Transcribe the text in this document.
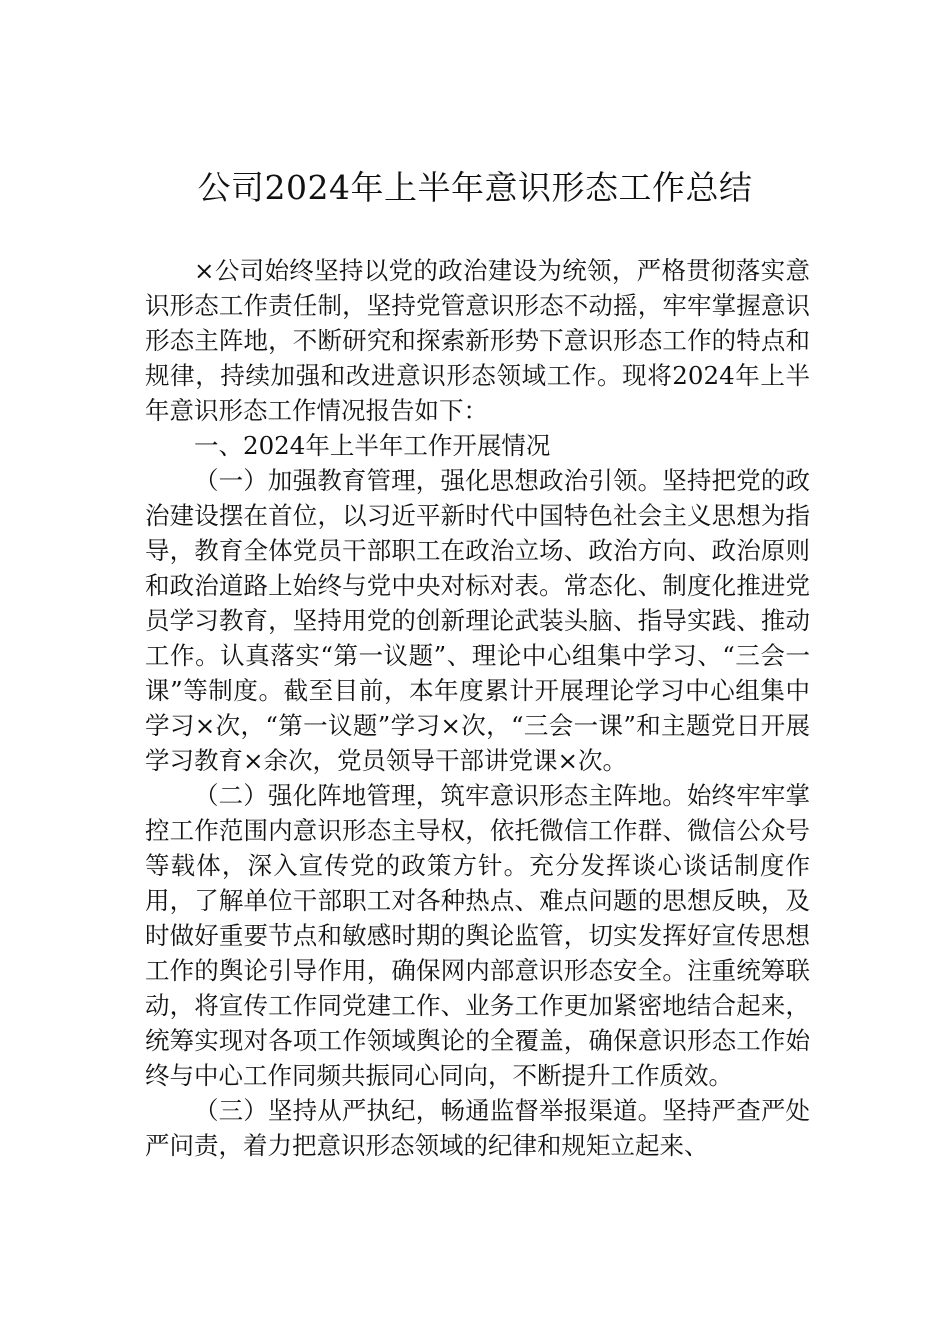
公司2024年上半年意识形态工作总结

×公司始终坚持以党的政治建设为统领，严格贯彻落实意识形态工作责任制，坚持党管意识形态不动摇，牢牢掌握意识形态主阵地，不断研究和探索新形势下意识形态工作的特点和规律，持续加强和改进意识形态领域工作。现将2024年上半年意识形态工作情况报告如下：

一、2024年上半年工作开展情况

（一）加强教育管理，强化思想政治引领。坚持把党的政治建设摆在首位，以习近平新时代中国特色社会主义思想为指导，教育全体党员干部职工在政治立场、政治方向、政治原则和政治道路上始终与党中央对标对表。常态化、制度化推进党员学习教育，坚持用党的创新理论武装头脑、指导实践、推动工作。认真落实“第一议题”、理论中心组集中学习、“三会一课”等制度。截至目前，本年度累计开展理论学习中心组集中学习×次，“第一议题”学习×次，“三会一课”和主题党日开展学习教育×余次，党员领导干部讲党课×次。

（二）强化阵地管理，筑牢意识形态主阵地。始终牢牢掌控工作范围内意识形态主导权，依托微信工作群、微信公众号等载体，深入宣传党的政策方针。充分发挥谈心谈话制度作用，了解单位干部职工对各种热点、难点问题的思想反映，及时做好重要节点和敏感时期的舆论监管，切实发挥好宣传思想工作的舆论引导作用，确保网内部意识形态安全。注重统筹联动，将宣传工作同党建工作、业务工作更加紧密地结合起来，统筹实现对各项工作领域舆论的全覆盖，确保意识形态工作始终与中心工作同频共振同心同向，不断提升工作质效。

（三）坚持从严执纪，畅通监督举报渠道。坚持严查严处严问责，着力把意识形态领域的纪律和规矩立起来、
